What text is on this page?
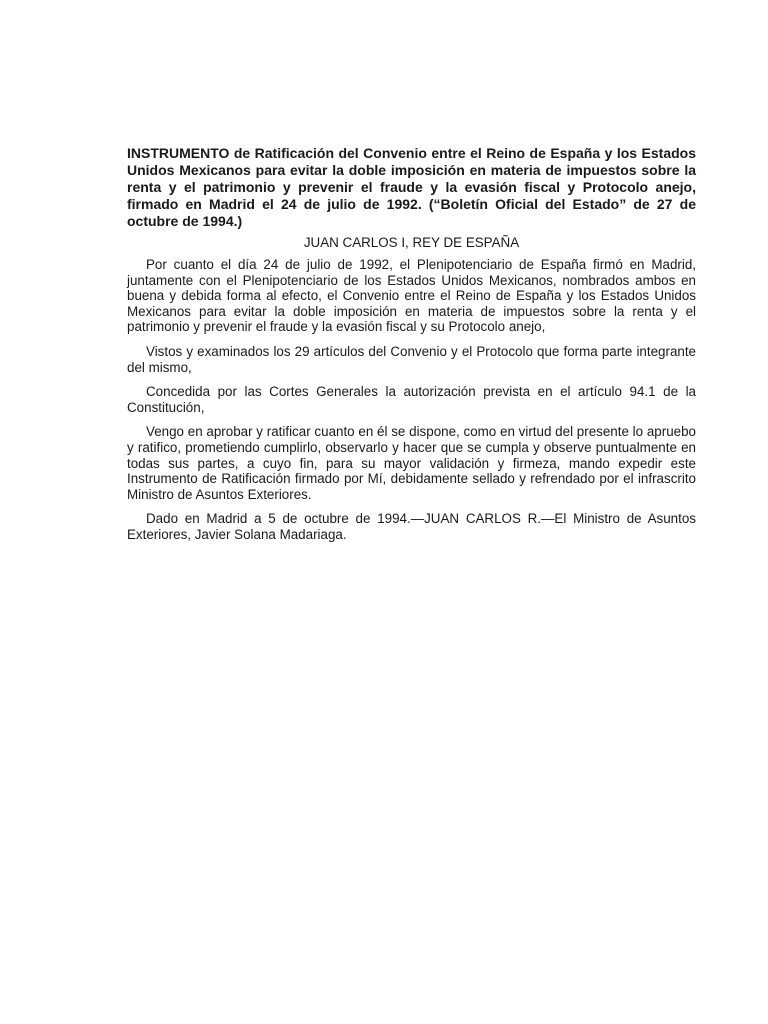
INSTRUMENTO de Ratificación del Convenio entre el Reino de España y los Estados Unidos Mexicanos para evitar la doble imposición en materia de impuestos sobre la renta y el patrimonio y prevenir el fraude y la evasión fiscal y Protocolo anejo, firmado en Madrid el 24 de julio de 1992. (“Boletín Oficial del Estado” de 27 de octubre de 1994.)

JUAN CARLOS I, REY DE ESPAÑA

Por cuanto el día 24 de julio de 1992, el Plenipotenciario de España firmó en Madrid, juntamente con el Plenipotenciario de los Estados Unidos Mexicanos, nombrados ambos en buena y debida forma al efecto, el Convenio entre el Reino de España y los Estados Unidos Mexicanos para evitar la doble imposición en materia de impuestos sobre la renta y el patrimonio y prevenir el fraude y la evasión fiscal y su Protocolo anejo,

Vistos y examinados los 29 artículos del Convenio y el Protocolo que forma parte integrante del mismo,

Concedida por las Cortes Generales la autorización prevista en el artículo 94.1 de la Constitución,

Vengo en aprobar y ratificar cuanto en él se dispone, como en virtud del presente lo apruebo y ratifico, prometiendo cumplirlo, observarlo y hacer que se cumpla y observe puntualmente en todas sus partes, a cuyo fin, para su mayor validación y firmeza, mando expedir este Instrumento de Ratificación firmado por Mí, debidamente sellado y refrendado por el infrascrito Ministro de Asuntos Exteriores.

Dado en Madrid a 5 de octubre de 1994.—JUAN CARLOS R.—El Ministro de Asuntos Exteriores, Javier Solana Madariaga.
